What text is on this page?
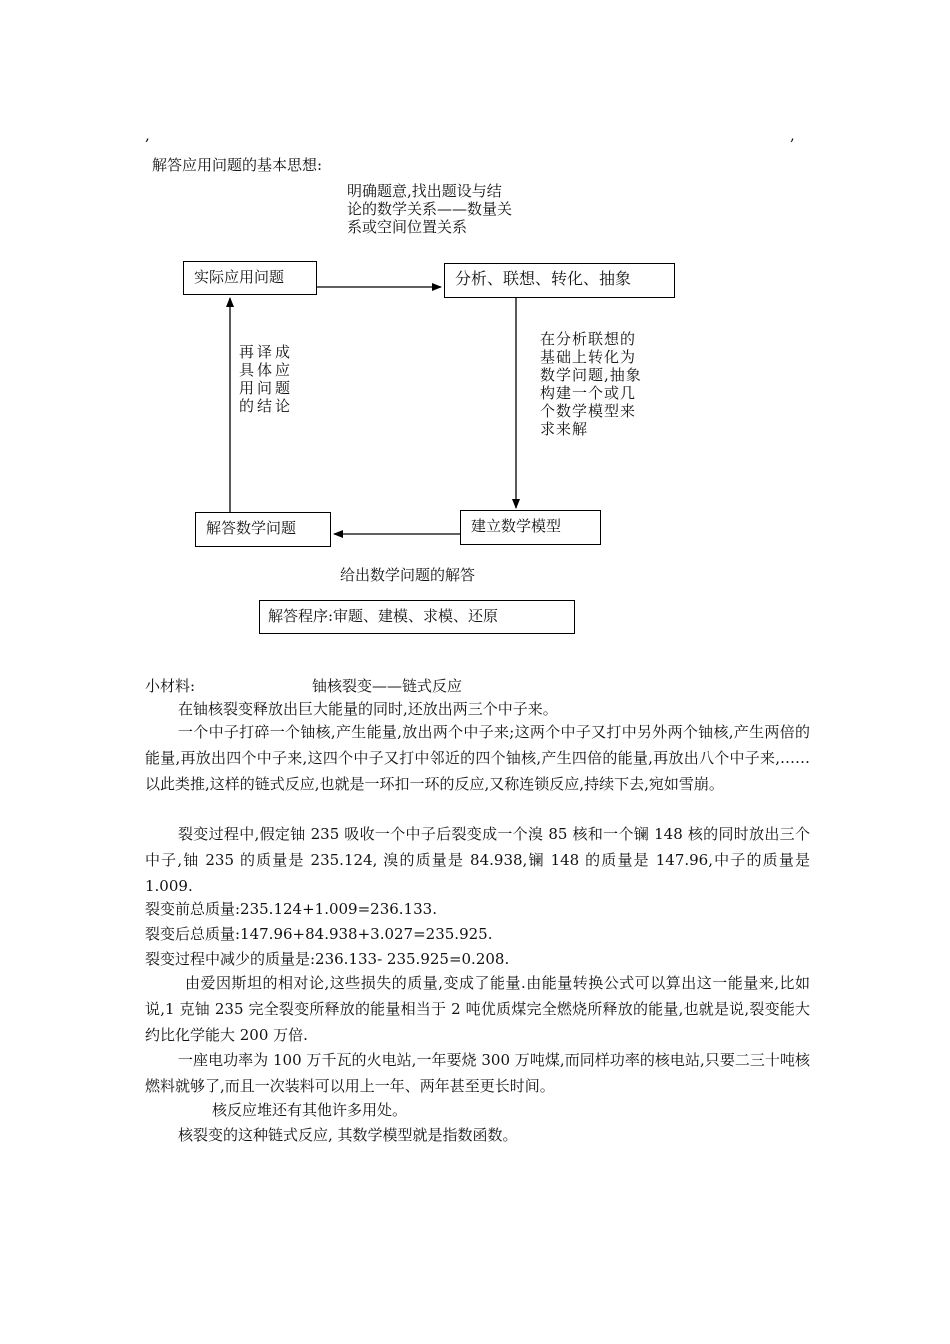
,	,
解答应用问题的基本思想:
明确题意,找出题设与结
论的数学关系——数量关
系或空间位置关系
实际应用问题	分析、联想、转化、抽象
再译成
具体应
用问题
的结论
在分析联想的
基础上转化为
数学问题,抽象
构建一个或几
个数学模型来
求来解
建立数学模型
解答数学问题
给出数学问题的解答
解答程序:审题、建模、求模、还原
小材料:	铀核裂变——链式反应
在铀核裂变释放出巨大能量的同时,还放出两三个中子来。
一个中子打碎一个铀核,产生能量,放出两个中子来;这两个中子又打中另外两个铀核,产生两倍的能量,再放出四个中子来,这四个中子又打中邻近的四个铀核,产生四倍的能量,再放出八个中子来,……以此类推,这样的链式反应,也就是一环扣一环的反应,又称连锁反应,持续下去,宛如雪崩。
裂变过程中,假定铀 235 吸收一个中子后裂变成一个溴 85 核和一个镧 148 核的同时放出三个中子,铀 235 的质量是 235.124, 溴的质量是 84.938,镧 148 的质量是 147.96,中子的质量是 1.009.
裂变前总质量:235.124+1.009=236.133.
裂变后总质量:147.96+84.938+3.027=235.925.
裂变过程中减少的质量是:236.133- 235.925=0.208.
由爱因斯坦的相对论,这些损失的质量,变成了能量.由能量转换公式可以算出这一能量来,比如说,1 克铀 235 完全裂变所释放的能量相当于 2 吨优质煤完全燃烧所释放的能量,也就是说,裂变能大约比化学能大 200 万倍.
一座电功率为 100 万千瓦的火电站,一年要烧 300 万吨煤,而同样功率的核电站,只要二三十吨核燃料就够了,而且一次装料可以用上一年、两年甚至更长时间。
核反应堆还有其他许多用处。
核裂变的这种链式反应, 其数学模型就是指数函数。
